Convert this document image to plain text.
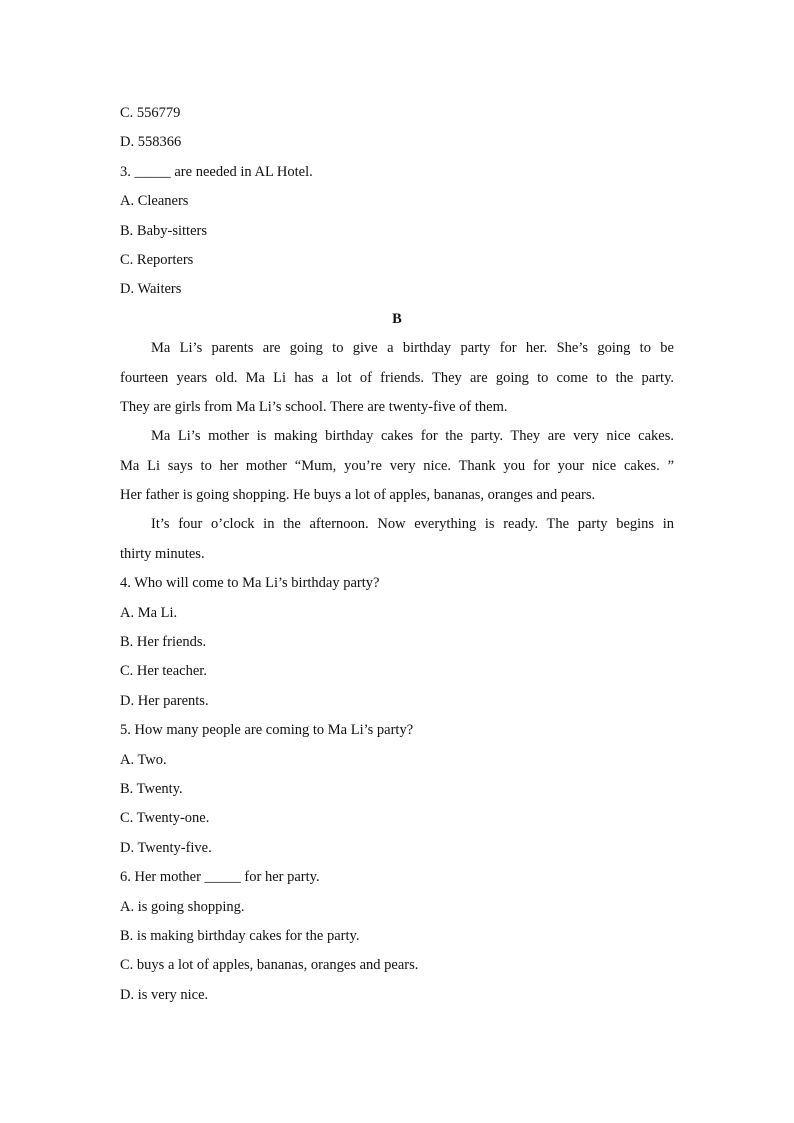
C. 556779
D. 558366
3. _____ are needed in AL Hotel.
A. Cleaners
B. Baby-sitters
C. Reporters
D. Waiters
B
Ma Li’s parents are going to give a birthday party for her. She’s going to be
fourteen years old. Ma Li has a lot of friends. They are going to come to the party.
They are girls from Ma Li’s school. There are twenty-five of them.
Ma Li’s mother is making birthday cakes for the party. They are very nice cakes.
Ma Li says to her mother “Mum, you’re very nice. Thank you for your nice cakes. ”
Her father is going shopping. He buys a lot of apples, bananas, oranges and pears.
It’s four o’clock in the afternoon. Now everything is ready. The party begins in
thirty minutes.
4. Who will come to Ma Li’s birthday party?
A. Ma Li.
B. Her friends.
C. Her teacher.
D. Her parents.
5. How many people are coming to Ma Li’s party?
A. Two.
B. Twenty.
C. Twenty-one.
D. Twenty-five.
6. Her mother _____ for her party.
A. is going shopping.
B. is making birthday cakes for the party.
C. buys a lot of apples, bananas, oranges and pears.
D. is very nice.
